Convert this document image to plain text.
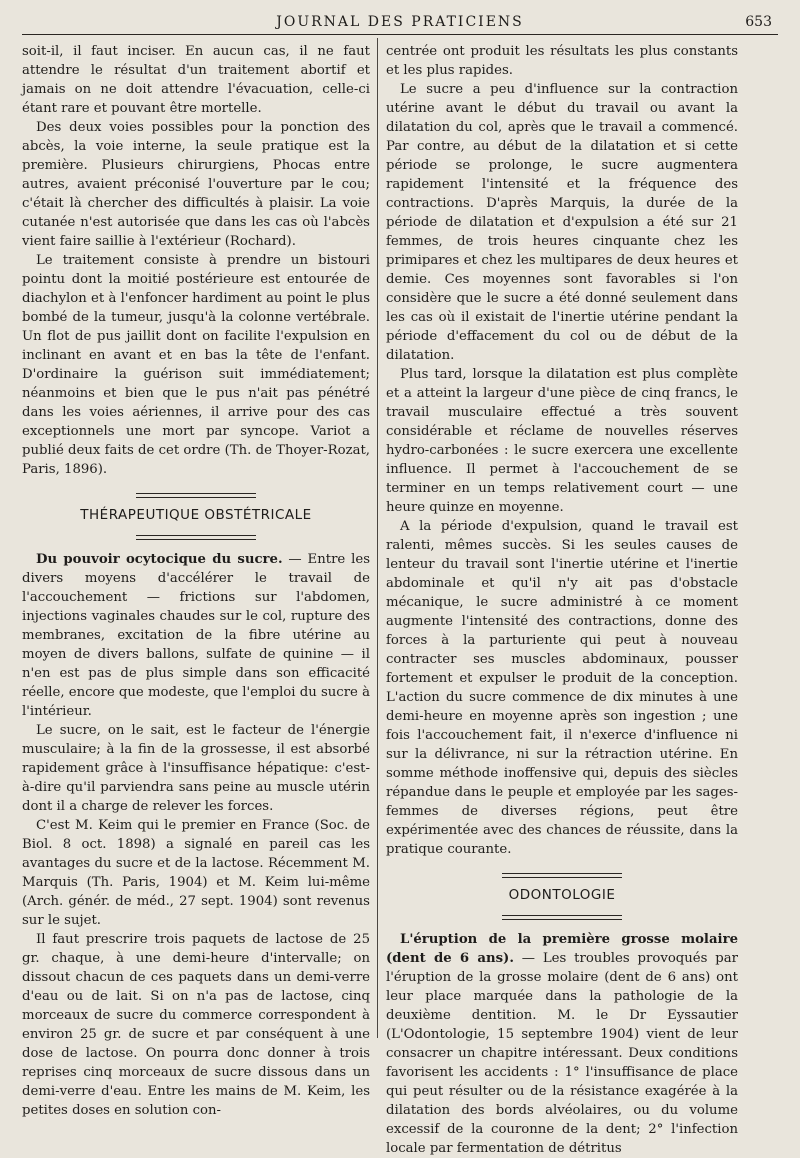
JOURNAL DES PRATICIENS	653

soit-il, il faut inciser. En aucun cas, il ne faut attendre le résultat d'un traitement abortif et jamais on ne doit attendre l'évacuation, celle-ci étant rare et pouvant être mortelle.

Des deux voies possibles pour la ponction des abcès, la voie interne, la seule pratique est la première. Plusieurs chirurgiens, Phocas entre autres, avaient préconisé l'ouverture par le cou; c'était là chercher des difficultés à plaisir. La voie cutanée n'est autorisée que dans les cas où l'abcès vient faire saillie à l'extérieur (Rochard).

Le traitement consiste à prendre un bistouri pointu dont la moitié postérieure est entourée de diachylon et à l'enfoncer hardiment au point le plus bombé de la tumeur, jusqu'à la colonne vertébrale. Un flot de pus jaillit dont on facilite l'expulsion en inclinant en avant et en bas la tête de l'enfant. D'ordinaire la guérison suit immédiatement; néanmoins et bien que le pus n'ait pas pénétré dans les voies aériennes, il arrive pour des cas exceptionnels une mort par syncope. Variot a publié deux faits de cet ordre (Th. de Thoyer-Rozat, Paris, 1896).

THÉRAPEUTIQUE OBSTÉTRICALE

Du pouvoir ocytocique du sucre. — Entre les divers moyens d'accélérer le travail de l'accouchement — frictions sur l'abdomen, injections vaginales chaudes sur le col, rupture des membranes, excitation de la fibre utérine au moyen de divers ballons, sulfate de quinine — il n'en est pas de plus simple dans son efficacité réelle, encore que modeste, que l'emploi du sucre à l'intérieur.

Le sucre, on le sait, est le facteur de l'énergie musculaire; à la fin de la grossesse, il est absorbé rapidement grâce à l'insuffisance hépatique: c'est-à-dire qu'il parviendra sans peine au muscle utérin dont il a charge de relever les forces.

C'est M. Keim qui le premier en France (Soc. de Biol. 8 oct. 1898) a signalé en pareil cas les avantages du sucre et de la lactose. Récemment M. Marquis (Th. Paris, 1904) et M. Keim lui-même (Arch. génér. de méd., 27 sept. 1904) sont revenus sur le sujet.

Il faut prescrire trois paquets de lactose de 25 gr. chaque, à une demi-heure d'intervalle; on dissout chacun de ces paquets dans un demi-verre d'eau ou de lait. Si on n'a pas de lactose, cinq morceaux de sucre du commerce correspondent à environ 25 gr. de sucre et par conséquent à une dose de lactose. On pourra donc donner à trois reprises cinq morceaux de sucre dissous dans un demi-verre d'eau. Entre les mains de M. Keim, les petites doses en solution con-

centrée ont produit les résultats les plus constants et les plus rapides.

Le sucre a peu d'influence sur la contraction utérine avant le début du travail ou avant la dilatation du col, après que le travail a commencé. Par contre, au début de la dilatation et si cette période se prolonge, le sucre augmentera rapidement l'intensité et la fréquence des contractions. D'après Marquis, la durée de la période de dilatation et d'expulsion a été sur 21 femmes, de trois heures cinquante chez les primipares et chez les multipares de deux heures et demie. Ces moyennes sont favorables si l'on considère que le sucre a été donné seulement dans les cas où il existait de l'inertie utérine pendant la période d'effacement du col ou de début de la dilatation.

Plus tard, lorsque la dilatation est plus complète et a atteint la largeur d'une pièce de cinq francs, le travail musculaire effectué a très souvent considérable et réclame de nouvelles réserves hydro-carbonées : le sucre exercera une excellente influence. Il permet à l'accouchement de se terminer en un temps relativement court — une heure quinze en moyenne.

A la période d'expulsion, quand le travail est ralenti, mêmes succès. Si les seules causes de lenteur du travail sont l'inertie utérine et l'inertie abdominale et qu'il n'y ait pas d'obstacle mécanique, le sucre administré à ce moment augmente l'intensité des contractions, donne des forces à la parturiente qui peut à nouveau contracter ses muscles abdominaux, pousser fortement et expulser le produit de la conception. L'action du sucre commence de dix minutes à une demi-heure en moyenne après son ingestion ; une fois l'accouchement fait, il n'exerce d'influence ni sur la délivrance, ni sur la rétraction utérine. En somme méthode inoffensive qui, depuis des siècles répandue dans le peuple et employée par les sages-femmes de diverses régions, peut être expérimentée avec des chances de réussite, dans la pratique courante.

ODONTOLOGIE

L'éruption de la première grosse molaire (dent de 6 ans). — Les troubles provoqués par l'éruption de la grosse molaire (dent de 6 ans) ont leur place marquée dans la pathologie de la deuxième dentition. M. le Dr Eyssautier (L'Odontologie, 15 septembre 1904) vient de leur consacrer un chapitre intéressant. Deux conditions favorisent les accidents : 1° l'insuffisance de place qui peut résulter ou de la résistance exagérée à la dilatation des bords alvéolaires, ou du volume excessif de la couronne de la dent; 2° l'infection locale par fermentation de détritus
